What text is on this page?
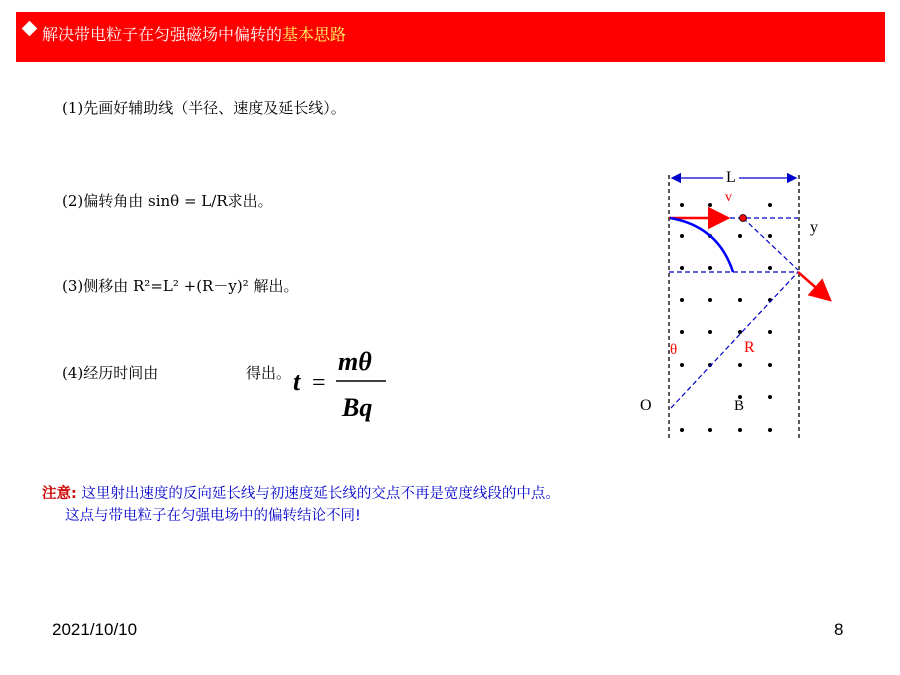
解决带电粒子在匀强磁场中偏转的基本思路
(1)先画好辅助线（半径、速度及延长线）。
(2)偏转角由 sinθ = L/R求出。
(3)侧移由 R²=L² +(R－y)² 解出。
(4)经历时间由	得出。 t =
mθ
Bq
注意: 这里射出速度的反向延长线与初速度延长线的交点不再是宽度线段的中点。
这点与带电粒子在匀强电场中的偏转结论不同!
L
v
y
θ	R
O	B
2021/10/10	8
